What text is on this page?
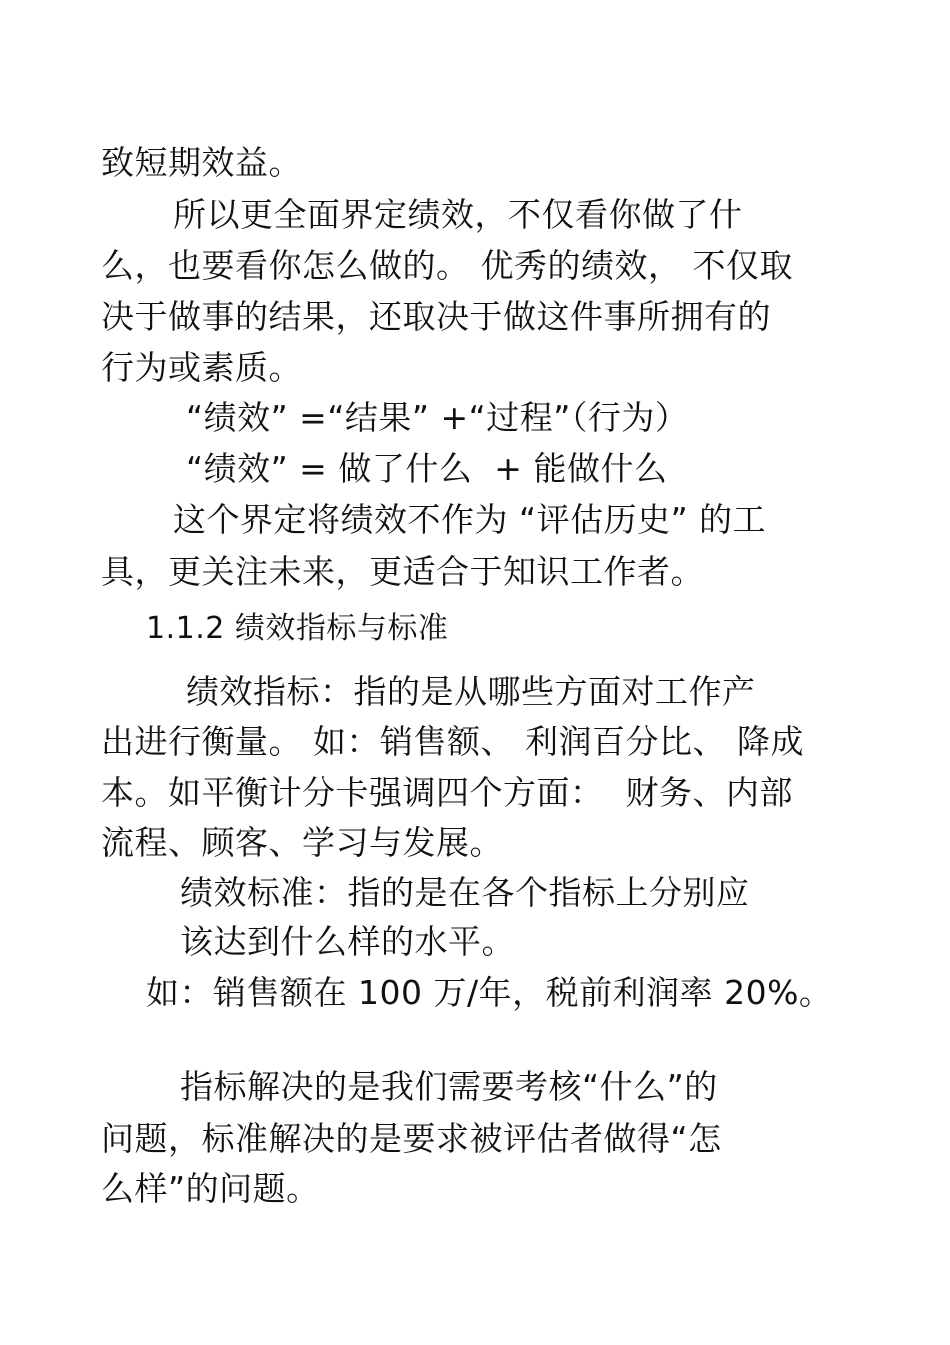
致短期效益。
所以更全面界定绩效，不仅看你做了什
么，也要看你怎么做的。 优秀的绩效， 不仅取
决于做事的结果，还取决于做这件事所拥有的
行为或素质。
“绩效” =“结果” +“过程”（行为）
“绩效” = 做了什么  + 能做什么
这个界定将绩效不作为 “评估历史” 的工
具，更关注未来，更适合于知识工作者。
1.1.2 绩效指标与标准
绩效指标：指的是从哪些方面对工作产
出进行衡量。 如：销售额、 利润百分比、 降成
本。如平衡计分卡强调四个方面：  财务、内部
流程、顾客、学习与发展。
绩效标准：指的是在各个指标上分别应
该达到什么样的水平。
如：销售额在 100 万/年，税前利润率 20%。
指标解决的是我们需要考核“什么”的
问题，标准解决的是要求被评估者做得“怎
么样”的问题。
